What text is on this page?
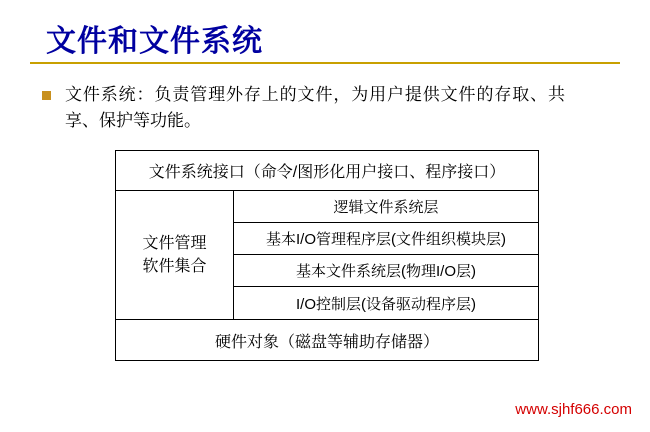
文件和文件系统
文件系统：负责管理外存上的文件，为用户提供文件的存取、共享、保护等功能。
文件系统接口（命令/图形化用户接口、程序接口）
文件管理
软件集合
逻辑文件系统层
基本I/O管理程序层(文件组织模块层)
基本文件系统层(物理I/O层)
I/O控制层(设备驱动程序层)
硬件对象（磁盘等辅助存储器）
www.sjhf666.com
